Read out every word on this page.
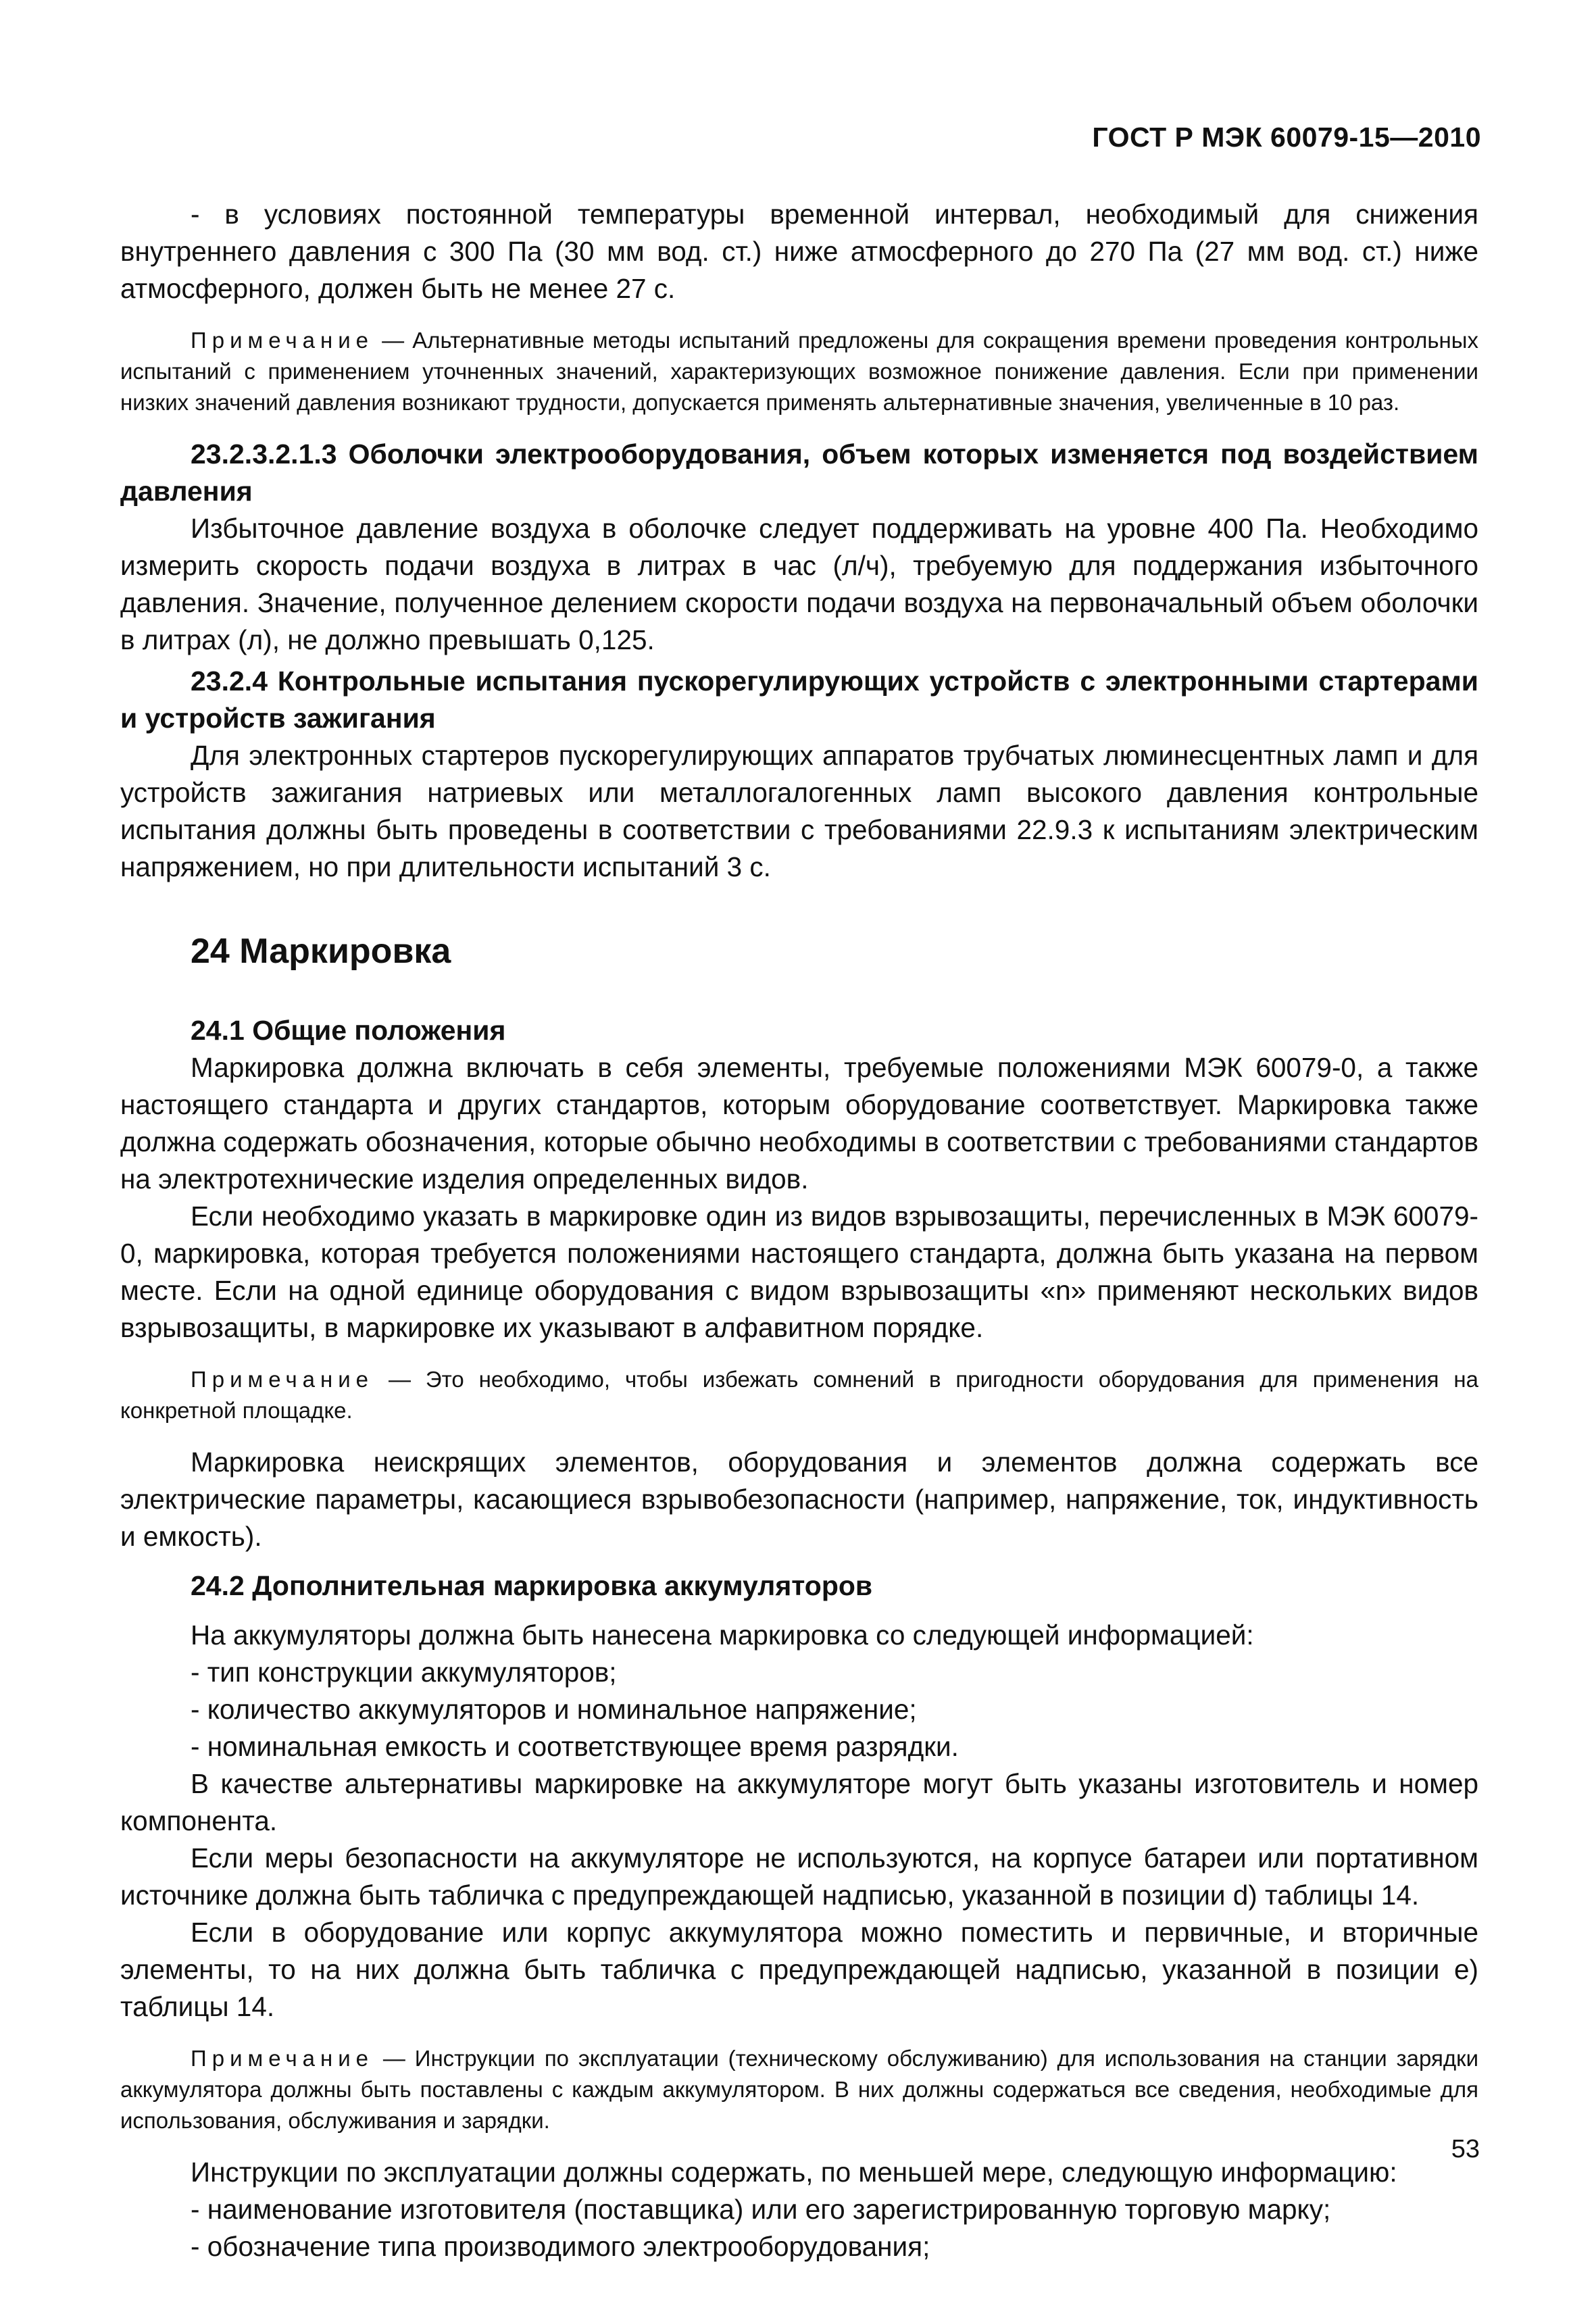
ГОСТ Р МЭК 60079-15—2010

- в условиях постоянной температуры временной интервал, необходимый для снижения внутреннего давления с 300 Па (30 мм вод. ст.) ниже атмосферного до 270 Па (27 мм вод. ст.) ниже атмосферного, должен быть не менее 27 с.

Примечание — Альтернативные методы испытаний предложены для сокращения времени проведения контрольных испытаний с применением уточненных значений, характеризующих возможное понижение давления. Если при применении низких значений давления возникают трудности, допускается применять альтернативные значения, увеличенные в 10 раз.

23.2.3.2.1.3 Оболочки электрооборудования, объем которых изменяется под воздействием давления

Избыточное давление воздуха в оболочке следует поддерживать на уровне 400 Па. Необходимо измерить скорость подачи воздуха в литрах в час (л/ч), требуемую для поддержания избыточного давления. Значение, полученное делением скорости подачи воздуха на первоначальный объем оболочки в литрах (л), не должно превышать 0,125.

23.2.4 Контрольные испытания пускорегулирующих устройств с электронными стартерами и устройств зажигания

Для электронных стартеров пускорегулирующих аппаратов трубчатых люминесцентных ламп и для устройств зажигания натриевых или металлогалогенных ламп высокого давления контрольные испытания должны быть проведены в соответствии с требованиями 22.9.3 к испытаниям электрическим напряжением, но при длительности испытаний 3 с.

24 Маркировка

24.1 Общие положения

Маркировка должна включать в себя элементы, требуемые положениями МЭК 60079-0, а также настоящего стандарта и других стандартов, которым оборудование соответствует. Маркировка также должна содержать обозначения, которые обычно необходимы в соответствии с требованиями стандартов на электротехнические изделия определенных видов.

Если необходимо указать в маркировке один из видов взрывозащиты, перечисленных в МЭК 60079-0, маркировка, которая требуется положениями настоящего стандарта, должна быть указана на первом месте. Если на одной единице оборудования с видом взрывозащиты «n» применяют нескольких видов взрывозащиты, в маркировке их указывают в алфавитном порядке.

Примечание — Это необходимо, чтобы избежать сомнений в пригодности оборудования для применения на конкретной площадке.

Маркировка неискрящих элементов, оборудования и элементов должна содержать все электрические параметры, касающиеся взрывобезопасности (например, напряжение, ток, индуктивность и емкость).

24.2 Дополнительная маркировка аккумуляторов

На аккумуляторы должна быть нанесена маркировка со следующей информацией:

- тип конструкции аккумуляторов;

- количество аккумуляторов и номинальное напряжение;

- номинальная емкость и соответствующее время разрядки.

В качестве альтернативы маркировке на аккумуляторе могут быть указаны изготовитель и номер компонента.

Если меры безопасности на аккумуляторе не используются, на корпусе батареи или портативном источнике должна быть табличка с предупреждающей надписью, указанной в позиции d) таблицы 14.

Если в оборудование или корпус аккумулятора можно поместить и первичные, и вторичные элементы, то на них должна быть табличка с предупреждающей надписью, указанной в позиции е) таблицы 14.

Примечание — Инструкции по эксплуатации (техническому обслуживанию) для использования на станции зарядки аккумулятора должны быть поставлены с каждым аккумулятором. В них должны содержаться все сведения, необходимые для использования, обслуживания и зарядки.

Инструкции по эксплуатации должны содержать, по меньшей мере, следующую информацию:

- наименование изготовителя (поставщика) или его зарегистрированную торговую марку;

- обозначение типа производимого электрооборудования;

53
